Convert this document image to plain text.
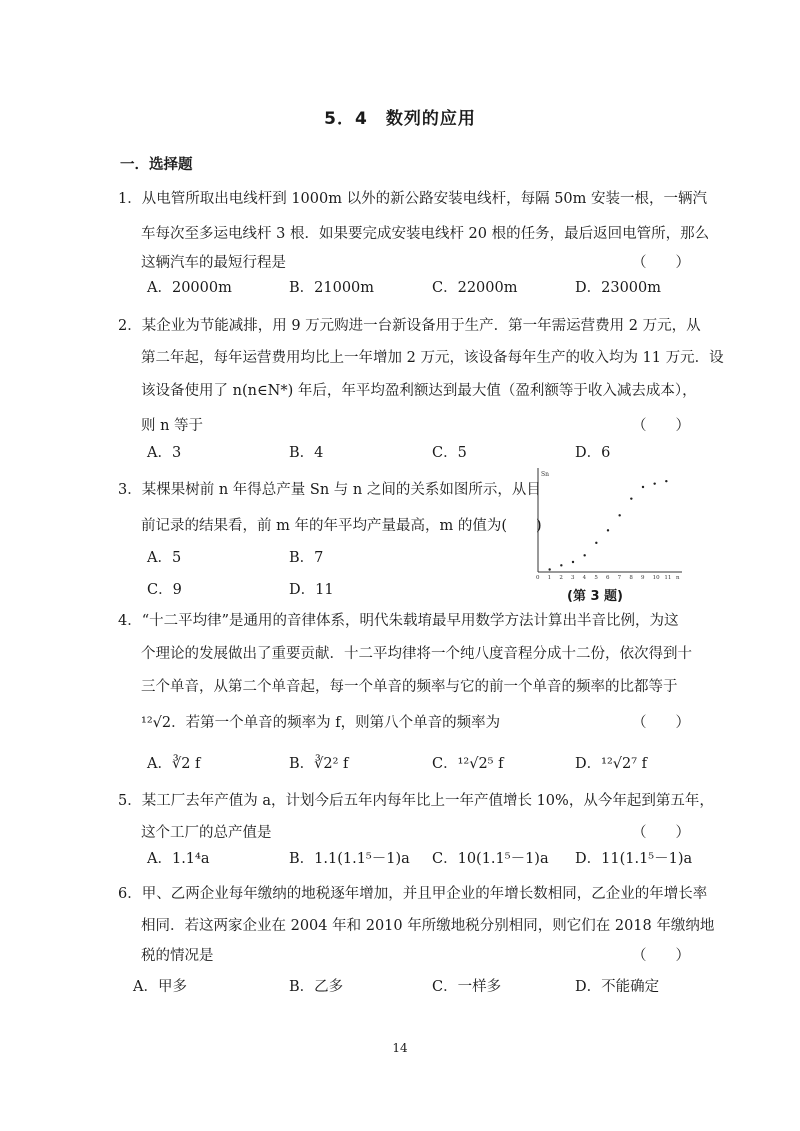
5．4　数列的应用
一．选择题
1．从电管所取出电线杆到 1000m 以外的新公路安装电线杆，每隔 50m 安装一根，一辆汽
车每次至多运电线杆 3 根．如果要完成安装电线杆 20 根的任务，最后返回电管所，那么
这辆汽车的最短行程是	（　　）
A．20000m	B．21000m	C．22000m	D．23000m
2．某企业为节能减排，用 9 万元购进一台新设备用于生产．第一年需运营费用 2 万元，从
第二年起，每年运营费用均比上一年增加 2 万元，该设备每年生产的收入均为 11 万元．设
该设备使用了 n(n∈N*) 年后，年平均盈利额达到最大值（盈利额等于收入减去成本），
则 n 等于	（　　）
A．3	B．4	C．5	D．6
3．某棵果树前 n 年得总产量 Sn 与 n 之间的关系如图所示，从目
前记录的结果看，前 m 年的年平均产量最高，m 的值为(　　)
A．5	B．7
C．9	D．11
Sn
0 1 2 3 4 5 6 7 8 9 10 11 n
(第 3 题)
4．“十二平均律”是通用的音律体系，明代朱载堉最早用数学方法计算出半音比例，为这
个理论的发展做出了重要贡献．十二平均律将一个纯八度音程分成十二份，依次得到十
三个单音，从第二个单音起，每一个单音的频率与它的前一个单音的频率的比都等于
¹²√2．若第一个单音的频率为 f，则第八个单音的频率为	（　　）
A．∛2 f	B．∛2² f	C．¹²√2⁵ f	D．¹²√2⁷ f
5．某工厂去年产值为 a，计划今后五年内每年比上一年产值增长 10%，从今年起到第五年，
这个工厂的总产值是	（　　）
A．1.1⁴a	B．1.1(1.1⁵－1)a C．10(1.1⁵－1)a D．11(1.1⁵－1)a
6．甲、乙两企业每年缴纳的地税逐年增加，并且甲企业的年增长数相同，乙企业的年增长率
相同．若这两家企业在 2004 年和 2010 年所缴地税分别相同，则它们在 2018 年缴纳地
税的情况是	（　　）
A．甲多	B．乙多	C．一样多	D．不能确定
14
